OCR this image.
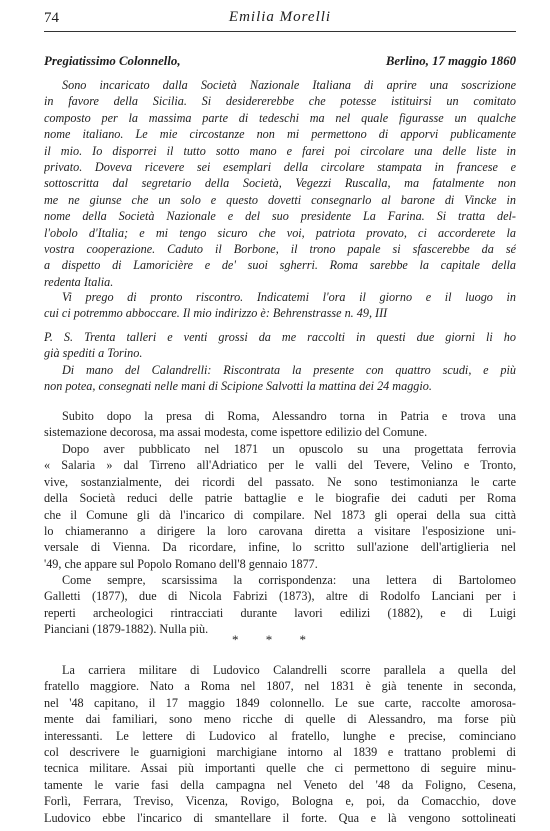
74	Emilia Morelli
Pregiatissimo Colonnello,	Berlino, 17 maggio 1860
Sono incaricato dalla Società Nazionale Italiana di aprire una soscrizione
in favore della Sicilia. Si desidererebbe che potesse istituirsi un comitato
composto per la massima parte di tedeschi ma nel quale figurasse un qualche
nome italiano. Le mie circostanze non mi permettono di apporvi publicamente
il mio. Io disporrei il tutto sotto mano e farei poi circolare una delle liste in
privato. Doveva ricevere sei esemplari della circolare stampata in francese e
sottoscritta dal segretario della Società, Vegezzi Ruscalla, ma fatalmente non
me ne giunse che un solo e questo dovetti consegnarlo al barone di Vincke in
nome della Società Nazionale e del suo presidente La Farina. Si tratta del-
l'obolo d'Italia; e mi tengo sicuro che voi, patriota provato, ci accorderete la
vostra cooperazione. Caduto il Borbone, il trono papale si sfascerebbe da sé
a dispetto di Lamoricière e de' suoi sgherri. Roma sarebbe la capitale della
redenta Italia.
Vi prego di pronto riscontro. Indicatemi l'ora il giorno e il luogo in
cui ci potremmo abboccare. Il mio indirizzo è: Behrenstrasse n. 49, III
P. S. Trenta talleri e venti grossi da me raccolti in questi due giorni li ho
già spediti a Torino.
Di mano del Calandrelli: Riscontrata la presente con quattro scudi, e più
non potea, consegnati nelle mani di Scipione Salvotti la mattina dei 24 maggio.
Subito dopo la presa di Roma, Alessandro torna in Patria e trova una
sistemazione decorosa, ma assai modesta, come ispettore edilizio del Comune.
Dopo aver pubblicato nel 1871 un opuscolo su una progettata ferrovia
« Salaria » dal Tirreno all'Adriatico per le valli del Tevere, Velino e Tronto,
vive, sostanzialmente, dei ricordi del passato. Ne sono testimonianza le carte
della Società reduci delle patrie battaglie e le biografie dei caduti per Roma
che il Comune gli dà l'incarico di compilare. Nel 1873 gli operai della sua città
lo chiameranno a dirigere la loro carovana diretta a visitare l'esposizione uni-
versale di Vienna. Da ricordare, infine, lo scritto sull'azione dell'artiglieria nel
'49, che appare sul Popolo Romano dell'8 gennaio 1877.
Come sempre, scarsissima la corrispondenza: una lettera di Bartolomeo
Galletti (1877), due di Nicola Fabrizi (1873), altre di Rodolfo Lanciani per i
reperti archeologici rintracciati durante lavori edilizi (1882), e di Luigi
Pianciani (1879-1882). Nulla più.
* * *
La carriera militare di Ludovico Calandrelli scorre parallela a quella del
fratello maggiore. Nato a Roma nel 1807, nel 1831 è già tenente in seconda,
nel '48 capitano, il 17 maggio 1849 colonnello. Le sue carte, raccolte amorosa-
mente dai familiari, sono meno ricche di quelle di Alessandro, ma forse più
interessanti. Le lettere di Ludovico al fratello, lunghe e precise, cominciano
col descrivere le guarnigioni marchigiane intorno al 1839 e trattano problemi di
tecnica militare. Assai più importanti quelle che ci permettono di seguire minu-
tamente le varie fasi della campagna nel Veneto del '48 da Foligno, Cesena,
Forlì, Ferrara, Treviso, Vicenza, Rovigo, Bologna e, poi, da Comacchio, dove
Ludovico ebbe l'incarico di smantellare il forte. Qua e là vengono sottolineati
